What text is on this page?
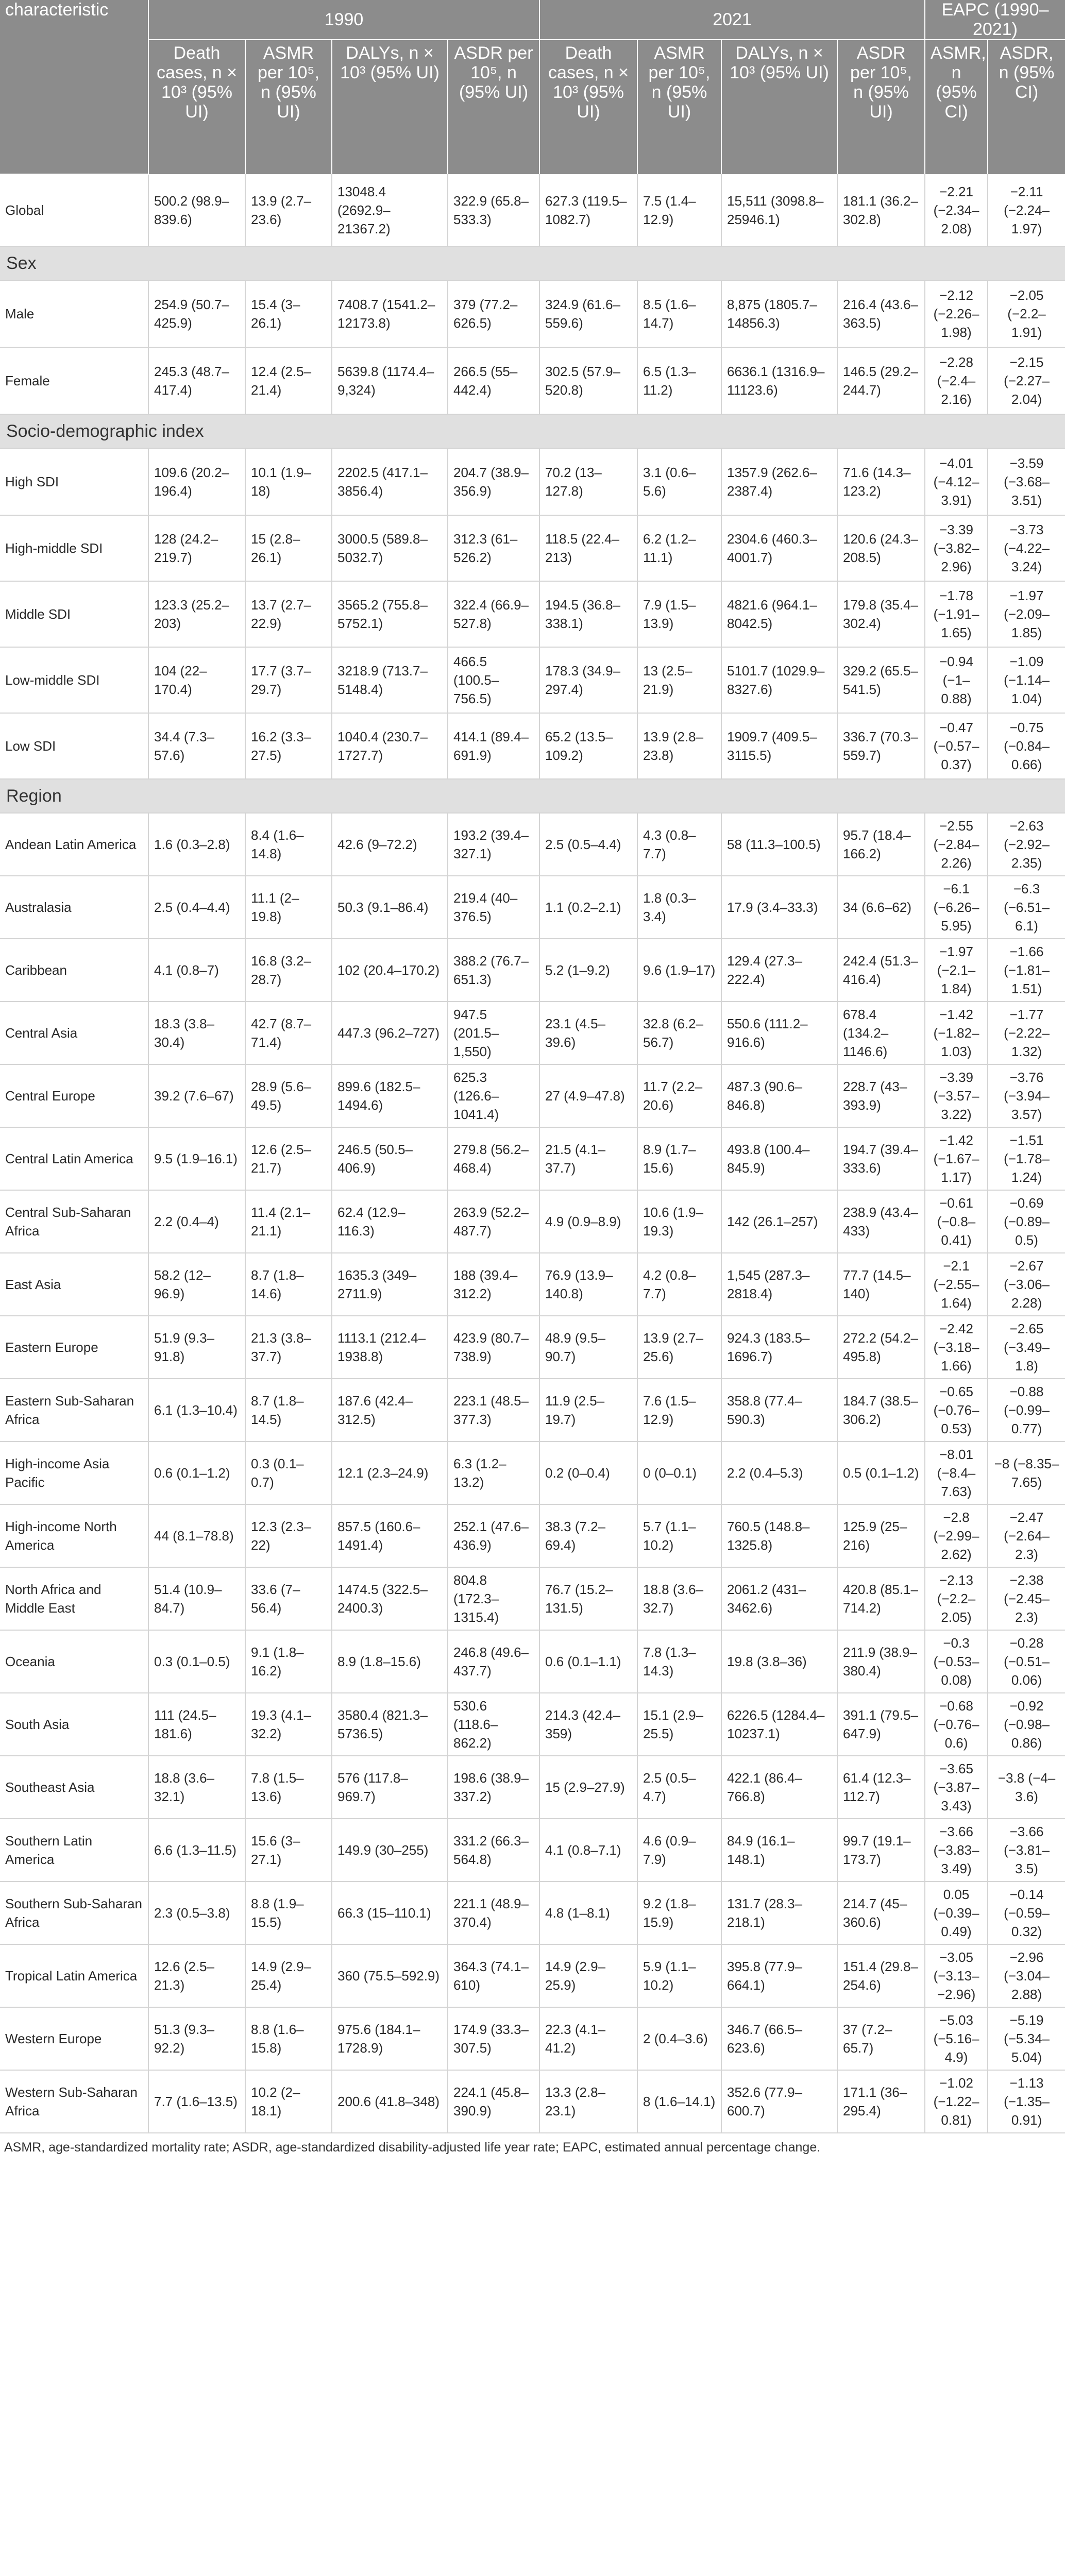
characteristic	1990				2021				EAPC (1990–2021)	
	Death cases, n × 10³ (95% UI)	ASMR per 10⁵, n (95% UI)	DALYs, n × 10³ (95% UI)	ASDR per 10⁵, n (95% UI)	Death cases, n × 10³ (95% UI)	ASMR per 10⁵, n (95% UI)	DALYs, n × 10³ (95% UI)	ASDR per 10⁵, n (95% UI)	ASMR, n (95% CI)	ASDR, n (95% CI)
Global	500.2 (98.9–839.6)	13.9 (2.7–23.6)	13048.4 (2692.9–21367.2)	322.9 (65.8–533.3)	627.3 (119.5–1082.7)	7.5 (1.4–12.9)	15,511 (3098.8–25946.1)	181.1 (36.2–302.8)	−2.21 (−2.34–2.08)	−2.11 (−2.24–1.97)
Sex										
Male	254.9 (50.7–425.9)	15.4 (3–26.1)	7408.7 (1541.2–12173.8)	379 (77.2–626.5)	324.9 (61.6–559.6)	8.5 (1.6–14.7)	8,875 (1805.7–14856.3)	216.4 (43.6–363.5)	−2.12 (−2.26–1.98)	−2.05 (−2.2–1.91)
Female	245.3 (48.7–417.4)	12.4 (2.5–21.4)	5639.8 (1174.4–9,324)	266.5 (55–442.4)	302.5 (57.9–520.8)	6.5 (1.3–11.2)	6636.1 (1316.9–11123.6)	146.5 (29.2–244.7)	−2.28 (−2.4–2.16)	−2.15 (−2.27–2.04)
Socio-demographic index										
High SDI	109.6 (20.2–196.4)	10.1 (1.9–18)	2202.5 (417.1–3856.4)	204.7 (38.9–356.9)	70.2 (13–127.8)	3.1 (0.6–5.6)	1357.9 (262.6–2387.4)	71.6 (14.3–123.2)	−4.01 (−4.12–3.91)	−3.59 (−3.68–3.51)
High-middle SDI	128 (24.2–219.7)	15 (2.8–26.1)	3000.5 (589.8–5032.7)	312.3 (61–526.2)	118.5 (22.4–213)	6.2 (1.2–11.1)	2304.6 (460.3–4001.7)	120.6 (24.3–208.5)	−3.39 (−3.82–2.96)	−3.73 (−4.22–3.24)
Middle SDI	123.3 (25.2–203)	13.7 (2.7–22.9)	3565.2 (755.8–5752.1)	322.4 (66.9–527.8)	194.5 (36.8–338.1)	7.9 (1.5–13.9)	4821.6 (964.1–8042.5)	179.8 (35.4–302.4)	−1.78 (−1.91–1.65)	−1.97 (−2.09–1.85)
Low-middle SDI	104 (22–170.4)	17.7 (3.7–29.7)	3218.9 (713.7–5148.4)	466.5 (100.5–756.5)	178.3 (34.9–297.4)	13 (2.5–21.9)	5101.7 (1029.9–8327.6)	329.2 (65.5–541.5)	−0.94 (−1–0.88)	−1.09 (−1.14–1.04)
Low SDI	34.4 (7.3–57.6)	16.2 (3.3–27.5)	1040.4 (230.7–1727.7)	414.1 (89.4–691.9)	65.2 (13.5–109.2)	13.9 (2.8–23.8)	1909.7 (409.5–3115.5)	336.7 (70.3–559.7)	−0.47 (−0.57–0.37)	−0.75 (−0.84–0.66)
Region										
Andean Latin America	1.6 (0.3–2.8)	8.4 (1.6–14.8)	42.6 (9–72.2)	193.2 (39.4–327.1)	2.5 (0.5–4.4)	4.3 (0.8–7.7)	58 (11.3–100.5)	95.7 (18.4–166.2)	−2.55 (−2.84–2.26)	−2.63 (−2.92–2.35)
Australasia	2.5 (0.4–4.4)	11.1 (2–19.8)	50.3 (9.1–86.4)	219.4 (40–376.5)	1.1 (0.2–2.1)	1.8 (0.3–3.4)	17.9 (3.4–33.3)	34 (6.6–62)	−6.1 (−6.26–5.95)	−6.3 (−6.51–6.1)
Caribbean	4.1 (0.8–7)	16.8 (3.2–28.7)	102 (20.4–170.2)	388.2 (76.7–651.3)	5.2 (1–9.2)	9.6 (1.9–17)	129.4 (27.3–222.4)	242.4 (51.3–416.4)	−1.97 (−2.1–1.84)	−1.66 (−1.81–1.51)
Central Asia	18.3 (3.8–30.4)	42.7 (8.7–71.4)	447.3 (96.2–727)	947.5 (201.5–1,550)	23.1 (4.5–39.6)	32.8 (6.2–56.7)	550.6 (111.2–916.6)	678.4 (134.2–1146.6)	−1.42 (−1.82–1.03)	−1.77 (−2.22–1.32)
Central Europe	39.2 (7.6–67)	28.9 (5.6–49.5)	899.6 (182.5–1494.6)	625.3 (126.6–1041.4)	27 (4.9–47.8)	11.7 (2.2–20.6)	487.3 (90.6–846.8)	228.7 (43–393.9)	−3.39 (−3.57–3.22)	−3.76 (−3.94–3.57)
Central Latin America	9.5 (1.9–16.1)	12.6 (2.5–21.7)	246.5 (50.5–406.9)	279.8 (56.2–468.4)	21.5 (4.1–37.7)	8.9 (1.7–15.6)	493.8 (100.4–845.9)	194.7 (39.4–333.6)	−1.42 (−1.67–1.17)	−1.51 (−1.78–1.24)
Central Sub-Saharan Africa	2.2 (0.4–4)	11.4 (2.1–21.1)	62.4 (12.9–116.3)	263.9 (52.2–487.7)	4.9 (0.9–8.9)	10.6 (1.9–19.3)	142 (26.1–257)	238.9 (43.4–433)	−0.61 (−0.8–0.41)	−0.69 (−0.89–0.5)
East Asia	58.2 (12–96.9)	8.7 (1.8–14.6)	1635.3 (349–2711.9)	188 (39.4–312.2)	76.9 (13.9–140.8)	4.2 (0.8–7.7)	1,545 (287.3–2818.4)	77.7 (14.5–140)	−2.1 (−2.55–1.64)	−2.67 (−3.06–2.28)
Eastern Europe	51.9 (9.3–91.8)	21.3 (3.8–37.7)	1113.1 (212.4–1938.8)	423.9 (80.7–738.9)	48.9 (9.5–90.7)	13.9 (2.7–25.6)	924.3 (183.5–1696.7)	272.2 (54.2–495.8)	−2.42 (−3.18–1.66)	−2.65 (−3.49–1.8)
Eastern Sub-Saharan Africa	6.1 (1.3–10.4)	8.7 (1.8–14.5)	187.6 (42.4–312.5)	223.1 (48.5–377.3)	11.9 (2.5–19.7)	7.6 (1.5–12.9)	358.8 (77.4–590.3)	184.7 (38.5–306.2)	−0.65 (−0.76–0.53)	−0.88 (−0.99–0.77)
High-income Asia Pacific	0.6 (0.1–1.2)	0.3 (0.1–0.7)	12.1 (2.3–24.9)	6.3 (1.2–13.2)	0.2 (0–0.4)	0 (0–0.1)	2.2 (0.4–5.3)	0.5 (0.1–1.2)	−8.01 (−8.4–7.63)	−8 (−8.35–7.65)
High-income North America	44 (8.1–78.8)	12.3 (2.3–22)	857.5 (160.6–1491.4)	252.1 (47.6–436.9)	38.3 (7.2–69.4)	5.7 (1.1–10.2)	760.5 (148.8–1325.8)	125.9 (25–216)	−2.8 (−2.99–2.62)	−2.47 (−2.64–2.3)
North Africa and Middle East	51.4 (10.9–84.7)	33.6 (7–56.4)	1474.5 (322.5–2400.3)	804.8 (172.3–1315.4)	76.7 (15.2–131.5)	18.8 (3.6–32.7)	2061.2 (431–3462.6)	420.8 (85.1–714.2)	−2.13 (−2.2–2.05)	−2.38 (−2.45–2.3)
Oceania	0.3 (0.1–0.5)	9.1 (1.8–16.2)	8.9 (1.8–15.6)	246.8 (49.6–437.7)	0.6 (0.1–1.1)	7.8 (1.3–14.3)	19.8 (3.8–36)	211.9 (38.9–380.4)	−0.3 (−0.53–0.08)	−0.28 (−0.51–0.06)
South Asia	111 (24.5–181.6)	19.3 (4.1–32.2)	3580.4 (821.3–5736.5)	530.6 (118.6–862.2)	214.3 (42.4–359)	15.1 (2.9–25.5)	6226.5 (1284.4–10237.1)	391.1 (79.5–647.9)	−0.68 (−0.76–0.6)	−0.92 (−0.98–0.86)
Southeast Asia	18.8 (3.6–32.1)	7.8 (1.5–13.6)	576 (117.8–969.7)	198.6 (38.9–337.2)	15 (2.9–27.9)	2.5 (0.5–4.7)	422.1 (86.4–766.8)	61.4 (12.3–112.7)	−3.65 (−3.87–3.43)	−3.8 (−4–3.6)
Southern Latin America	6.6 (1.3–11.5)	15.6 (3–27.1)	149.9 (30–255)	331.2 (66.3–564.8)	4.1 (0.8–7.1)	4.6 (0.9–7.9)	84.9 (16.1–148.1)	99.7 (19.1–173.7)	−3.66 (−3.83–3.49)	−3.66 (−3.81–3.5)
Southern Sub-Saharan Africa	2.3 (0.5–3.8)	8.8 (1.9–15.5)	66.3 (15–110.1)	221.1 (48.9–370.4)	4.8 (1–8.1)	9.2 (1.8–15.9)	131.7 (28.3–218.1)	214.7 (45–360.6)	0.05 (−0.39–0.49)	−0.14 (−0.59–0.32)
Tropical Latin America	12.6 (2.5–21.3)	14.9 (2.9–25.4)	360 (75.5–592.9)	364.3 (74.1–610)	14.9 (2.9–25.9)	5.9 (1.1–10.2)	395.8 (77.9–664.1)	151.4 (29.8–254.6)	−3.05 (−3.13–−2.96)	−2.96 (−3.04–2.88)
Western Europe	51.3 (9.3–92.2)	8.8 (1.6–15.8)	975.6 (184.1–1728.9)	174.9 (33.3–307.5)	22.3 (4.1–41.2)	2 (0.4–3.6)	346.7 (66.5–623.6)	37 (7.2–65.7)	−5.03 (−5.16–4.9)	−5.19 (−5.34–5.04)
Western Sub-Saharan Africa	7.7 (1.6–13.5)	10.2 (2–18.1)	200.6 (41.8–348)	224.1 (45.8–390.9)	13.3 (2.8–23.1)	8 (1.6–14.1)	352.6 (77.9–600.7)	171.1 (36–295.4)	−1.02 (−1.22–0.81)	−1.13 (−1.35–0.91)
ASMR, age-standardized mortality rate; ASDR, age-standardized disability-adjusted life year rate; EAPC, estimated annual percentage change.
